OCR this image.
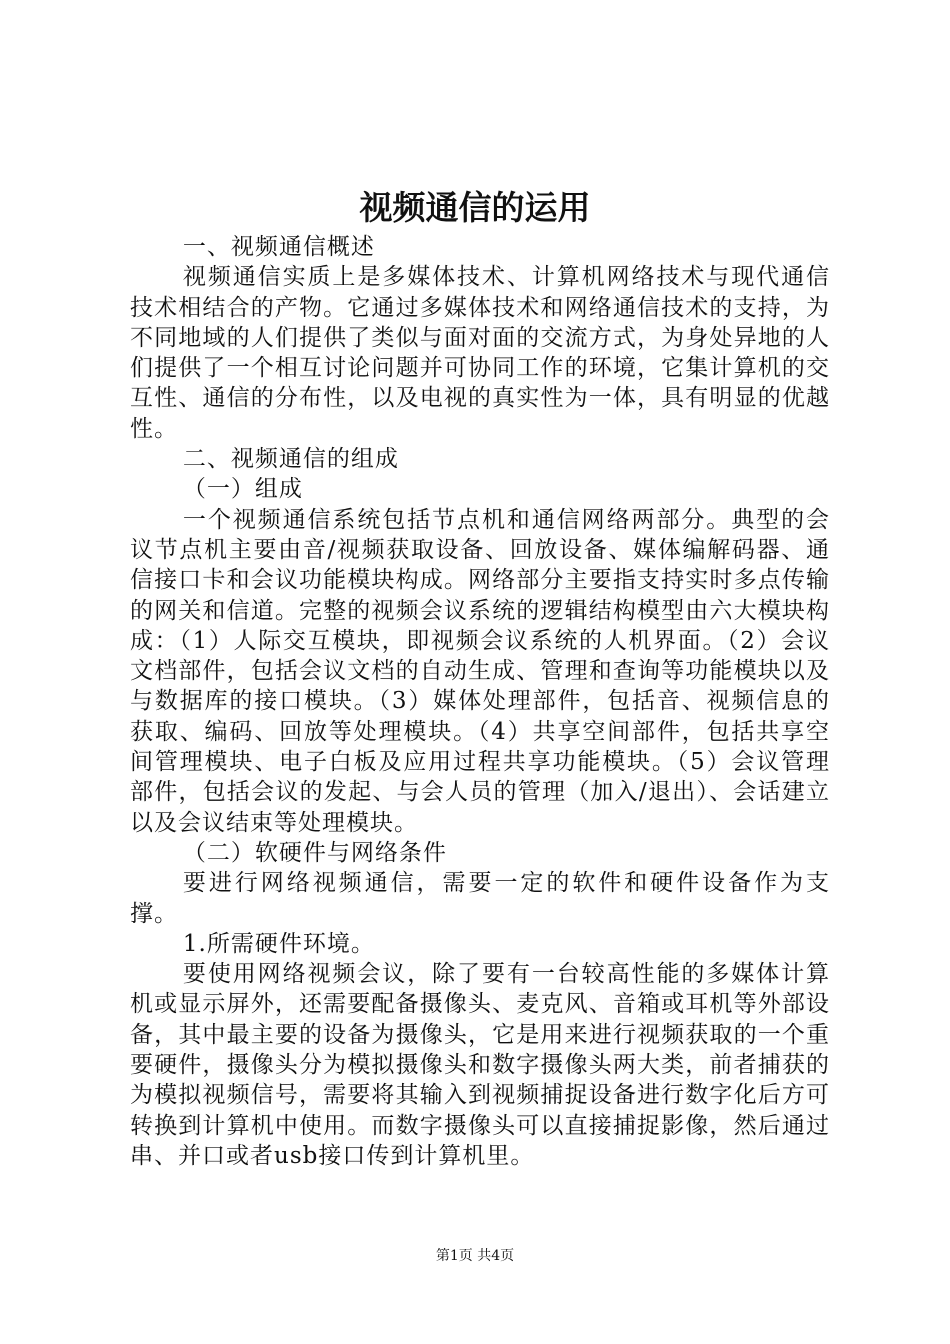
视频通信的运用

一、视频通信概述

视频通信实质上是多媒体技术、计算机网络技术与现代通信技术相结合的产物。它通过多媒体技术和网络通信技术的支持，为不同地域的人们提供了类似与面对面的交流方式，为身处异地的人们提供了一个相互讨论问题并可协同工作的环境，它集计算机的交互性、通信的分布性，以及电视的真实性为一体，具有明显的优越性。

二、视频通信的组成

（一）组成

一个视频通信系统包括节点机和通信网络两部分。典型的会议节点机主要由音/视频获取设备、回放设备、媒体编解码器、通信接口卡和会议功能模块构成。网络部分主要指支持实时多点传输的网关和信道。完整的视频会议系统的逻辑结构模型由六大模块构成：（1）人际交互模块，即视频会议系统的人机界面。（2）会议文档部件，包括会议文档的自动生成、管理和查询等功能模块以及与数据库的接口模块。（3）媒体处理部件，包括音、视频信息的获取、编码、回放等处理模块。（4）共享空间部件，包括共享空间管理模块、电子白板及应用过程共享功能模块。（5）会议管理部件，包括会议的发起、与会人员的管理（加入/退出）、会话建立以及会议结束等处理模块。

（二）软硬件与网络条件

要进行网络视频通信，需要一定的软件和硬件设备作为支撑。

1.所需硬件环境。

要使用网络视频会议，除了要有一台较高性能的多媒体计算机或显示屏外，还需要配备摄像头、麦克风、音箱或耳机等外部设备，其中最主要的设备为摄像头，它是用来进行视频获取的一个重要硬件，摄像头分为模拟摄像头和数字摄像头两大类，前者捕获的为模拟视频信号，需要将其输入到视频捕捉设备进行数字化后方可转换到计算机中使用。而数字摄像头可以直接捕捉影像，然后通过串、并口或者usb接口传到计算机里。

第1页 共4页
